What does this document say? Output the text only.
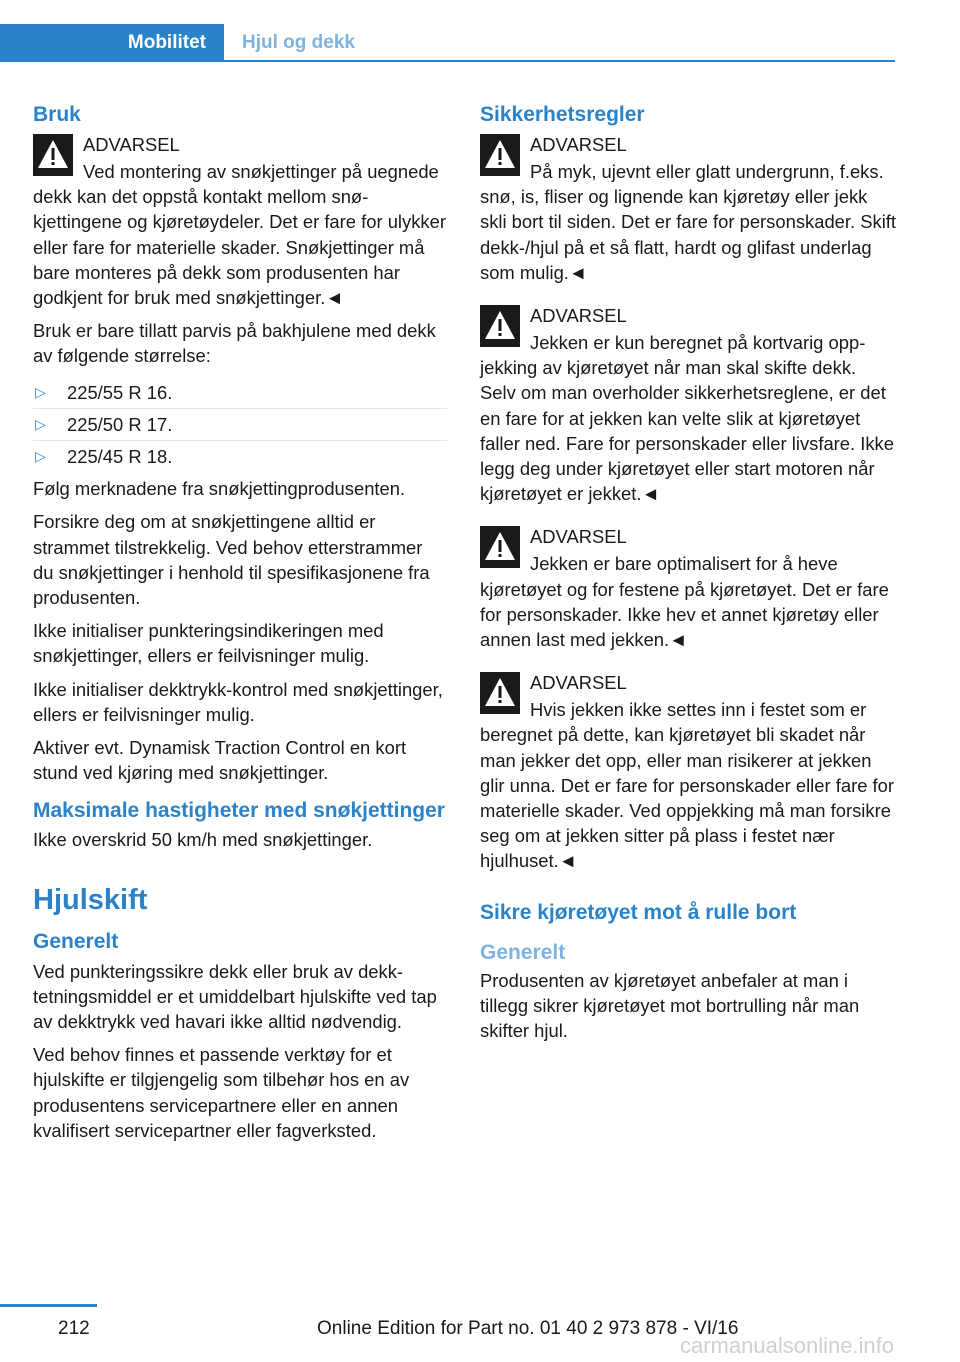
Mobilitet Hjul og dekk
Bruk
ADVARSEL

Ved montering av snøkjettinger på uegnede dekk kan det oppstå kontakt mellom snøkjettingene og kjøretøydeler. Det er fare for ulykker eller fare for materielle skader. Snøkjettinger må bare monteres på dekk som produsenten har godkjent for bruk med snøkjettinger.◄

Bruk er bare tillatt parvis på bakhjulene med dekk av følgende størrelse:

▷	225/55 R 16.
▷	225/50 R 17.
▷	225/45 R 18.

Følg merknadene fra snøkjettingprodusenten.

Forsikre deg om at snøkjettingene alltid er strammet tilstrekkelig. Ved behov etterstrammer du snøkjettinger i henhold til spesifikasjonene fra produsenten.

Ikke initialiser punkteringsindikeringen med snøkjettinger, ellers er feilvisninger mulig.

Ikke initialiser dekktrykk-kontrol med snøkjettinger, ellers er feilvisninger mulig.

Aktiver evt. Dynamisk Traction Control en kort stund ved kjøring med snøkjettinger.

Maksimale hastigheter med snøkjettinger

Ikke overskrid 50 km/h med snøkjettinger.

Hjulskift
Generelt

Ved punkteringssikre dekk eller bruk av dekktetningsmiddel er et umiddelbart hjulskifte ved tap av dekktrykk ved havari ikke alltid nødvendig.

Ved behov finnes et passende verktøy for et hjulskifte er tilgjengelig som tilbehør hos en av produsentens servicepartnere eller en annen kvalifisert servicepartner eller fagverksted.

Sikkerhetsregler
ADVARSEL

På myk, ujevnt eller glatt undergrunn, f.eks. snø, is, fliser og lignende kan kjøretøy eller jekk skli bort til siden. Det er fare for personskader. Skift dekk-/hjul på et så flatt, hardt og glifast underlag som mulig.◄

ADVARSEL

Jekken er kun beregnet på kortvarig oppjekking av kjøretøyet når man skal skifte dekk. Selv om man overholder sikkerhetsreglene, er det en fare for at jekken kan velte slik at kjøretøyet faller ned. Fare for personskader eller livsfare. Ikke legg deg under kjøretøyet eller start motoren når kjøretøyet er jekket.◄

ADVARSEL

Jekken er bare optimalisert for å heve kjøretøyet og for festene på kjøretøyet. Det er fare for personskader. Ikke hev et annet kjøretøy eller annen last med jekken.◄

ADVARSEL

Hvis jekken ikke settes inn i festet som er beregnet på dette, kan kjøretøyet bli skadet når man jekker det opp, eller man risikerer at jekken glir unna. Det er fare for personskader eller fare for materielle skader. Ved oppjekking må man forsikre seg om at jekken sitter på plass i festet nær hjulhuset.◄

Sikre kjøretøyet mot å rulle bort
Generelt

Produsenten av kjøretøyet anbefaler at man i tillegg sikrer kjøretøyet mot bortrulling når man skifter hjul.

212	Online Edition for Part no. 01 40 2 973 878 - VI/16
carmanualsonline.info
